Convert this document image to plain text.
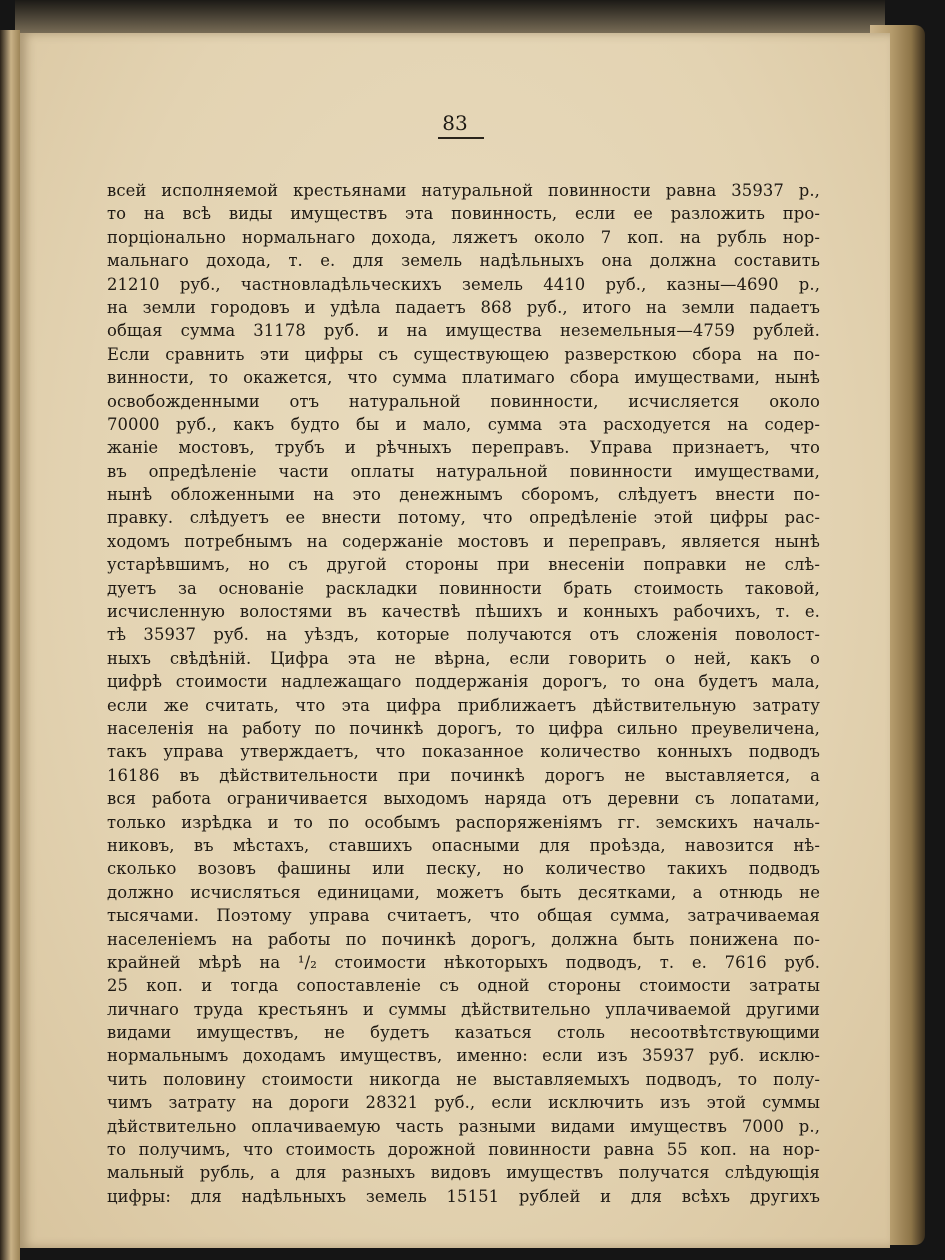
83
всей исполняемой крестьянами натуральной повинности равна 35937 р.,
то на всѣ виды имуществъ эта повинность, если ее разложить про-
порціонально нормальнаго дохода, ляжетъ около 7 коп. на рубль нор-
мальнаго дохода, т. е. для земель надѣльныхъ она должна составить
21210 руб., частновладѣльческихъ земель 4410 руб., казны—4690 р.,
на земли городовъ и удѣла падаетъ 868 руб., итого на земли падаетъ
общая сумма 31178 руб. и на имущества неземельныя—4759 рублей.
Если сравнить эти цифры съ существующею разверсткою сбора на по-
винности, то окажется, что сумма платимаго сбора имуществами, нынѣ
освобожденными отъ натуральной повинности, исчисляется около
70000 руб., какъ будто бы и мало, сумма эта расходуется на содер-
жаніе мостовъ, трубъ и рѣчныхъ переправъ. Управа признаетъ, что
въ опредѣленіе части оплаты натуральной повинности имуществами,
нынѣ обложенными на это денежнымъ сборомъ, слѣдуетъ внести по-
правку. слѣдуетъ ее внести потому, что опредѣленіе этой цифры рас-
ходомъ потребнымъ на содержаніе мостовъ и переправъ, является нынѣ
устарѣвшимъ, но съ другой стороны при внесеніи поправки не слѣ-
дуетъ за основаніе раскладки повинности брать стоимость таковой,
исчисленную волостями въ качествѣ пѣшихъ и конныхъ рабочихъ, т. е.
тѣ 35937 руб. на уѣздъ, которые получаются отъ сложенія поволост-
ныхъ свѣдѣній. Цифра эта не вѣрна, если говорить о ней, какъ о
цифрѣ стоимости надлежащаго поддержанія дорогъ, то она будетъ мала,
если же считать, что эта цифра приближаетъ дѣйствительную затрату
населенія на работу по починкѣ дорогъ, то цифра сильно преувеличена,
такъ управа утверждаетъ, что показанное количество конныхъ подводъ
16186 въ дѣйствительности при починкѣ дорогъ не выставляется, а
вся работа ограничивается выходомъ наряда отъ деревни съ лопатами,
только изрѣдка и то по особымъ распоряженіямъ гг. земскихъ началь-
никовъ, въ мѣстахъ, ставшихъ опасными для проѣзда, навозится нѣ-
сколько возовъ фашины или песку, но количество такихъ подводъ
должно исчисляться единицами, можетъ быть десятками, а отнюдь не
тысячами. Поэтому управа считаетъ, что общая сумма, затрачиваемая
населеніемъ на работы по починкѣ дорогъ, должна быть понижена по-
крайней мѣрѣ на ¹/₂ стоимости нѣкоторыхъ подводъ, т. е. 7616 руб.
25 коп. и тогда сопоставленіе съ одной стороны стоимости затраты
личнаго труда крестьянъ и суммы дѣйствительно уплачиваемой другими
видами имуществъ, не будетъ казаться столь несоотвѣтствующими
нормальнымъ доходамъ имуществъ, именно: если изъ 35937 руб. исклю-
чить половину стоимости никогда не выставляемыхъ подводъ, то полу-
чимъ затрату на дороги 28321 руб., если исключить изъ этой суммы
дѣйствительно оплачиваемую часть разными видами имуществъ 7000 р.,
то получимъ, что стоимость дорожной повинности равна 55 коп. на нор-
мальный рубль, а для разныхъ видовъ имуществъ получатся слѣдующія
цифры: для надѣльныхъ земель 15151 рублей и для всѣхъ другихъ
